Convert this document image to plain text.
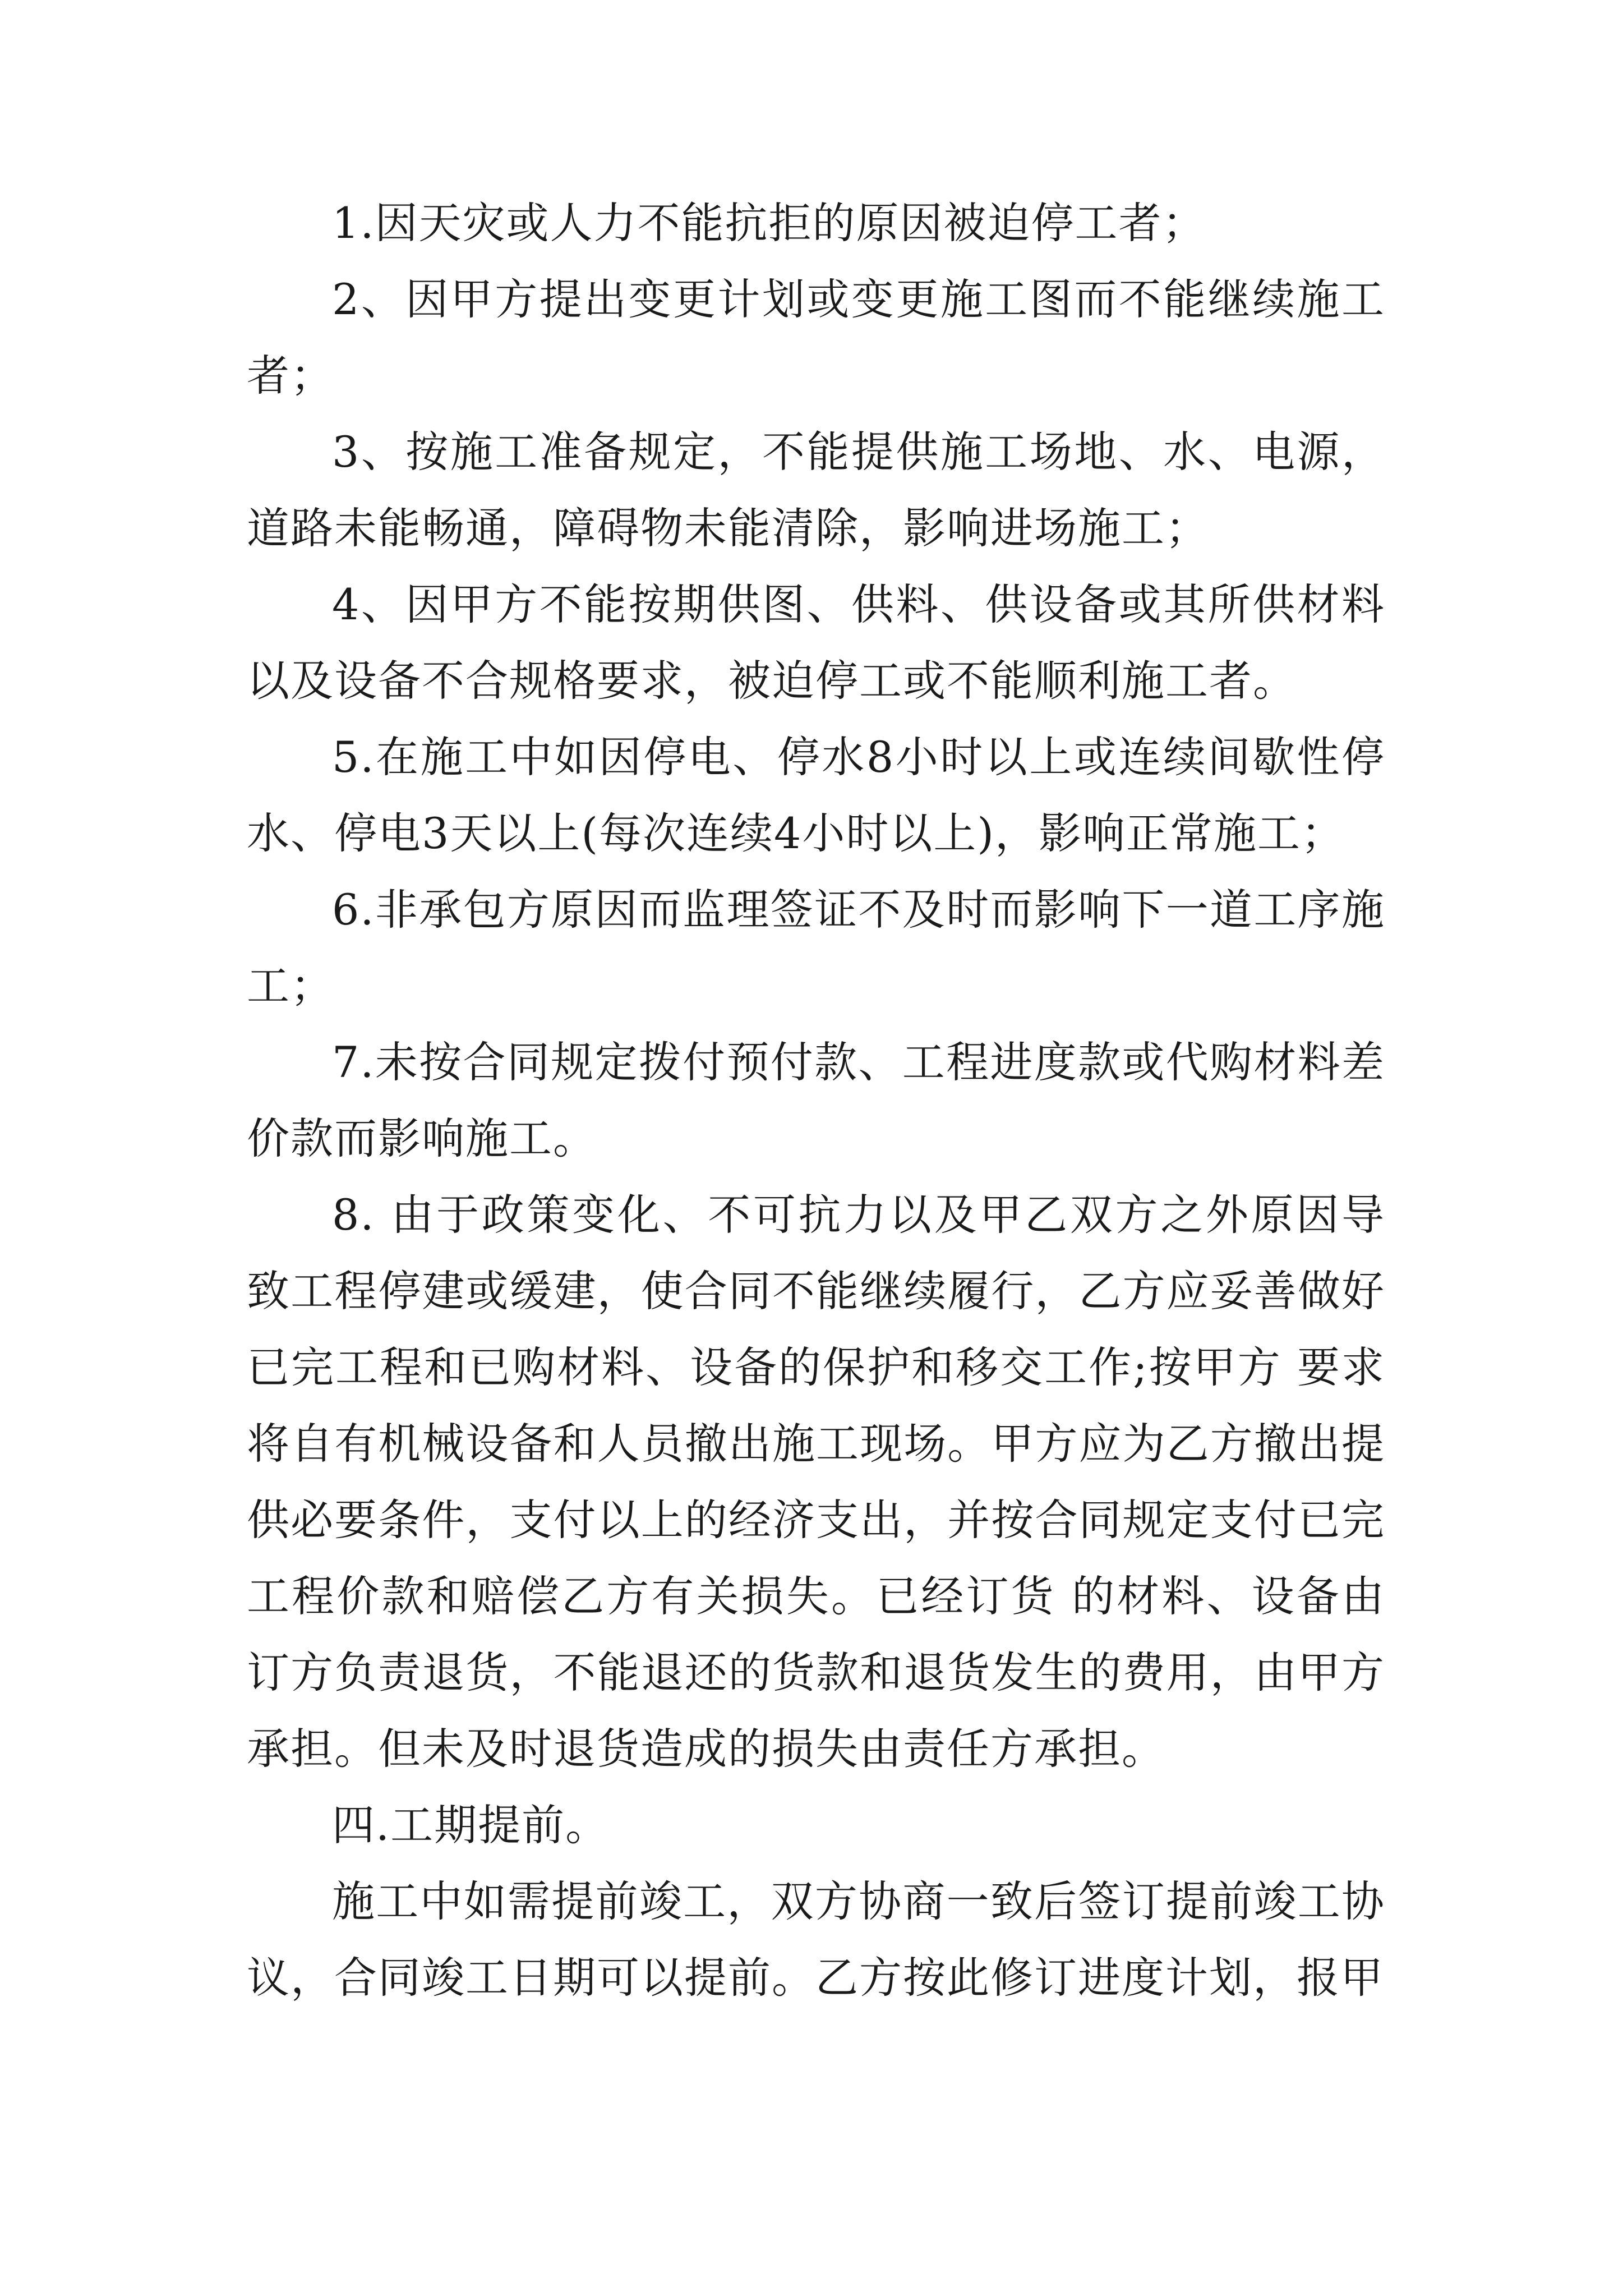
1.因天灾或人力不能抗拒的原因被迫停工者；

2、因甲方提出变更计划或变更施工图而不能继续施工者；

3、按施工准备规定，不能提供施工场地、水、电源，道路未能畅通，障碍物未能清除，影响进场施工；

4、因甲方不能按期供图、供料、供设备或其所供材料以及设备不合规格要求，被迫停工或不能顺利施工者。

5.在施工中如因停电、停水8小时以上或连续间歇性停水、停电3天以上(每次连续4小时以上)，影响正常施工；

6.非承包方原因而监理签证不及时而影响下一道工序施工；

7.未按合同规定拨付预付款、工程进度款或代购材料差价款而影响施工。

8. 由于政策变化、不可抗力以及甲乙双方之外原因导致工程停建或缓建，使合同不能继续履行，乙方应妥善做好已完工程和已购材料、设备的保护和移交工作;按甲方 要求将自有机械设备和人员撤出施工现场。甲方应为乙方撤出提供必要条件，支付以上的经济支出，并按合同规定支付已完工程价款和赔偿乙方有关损失。已经订货 的材料、设备由订方负责退货，不能退还的货款和退货发生的费用，由甲方承担。但未及时退货造成的损失由责任方承担。

四.工期提前。

施工中如需提前竣工，双方协商一致后签订提前竣工协议，合同竣工日期可以提前。乙方按此修订进度计划，报甲
